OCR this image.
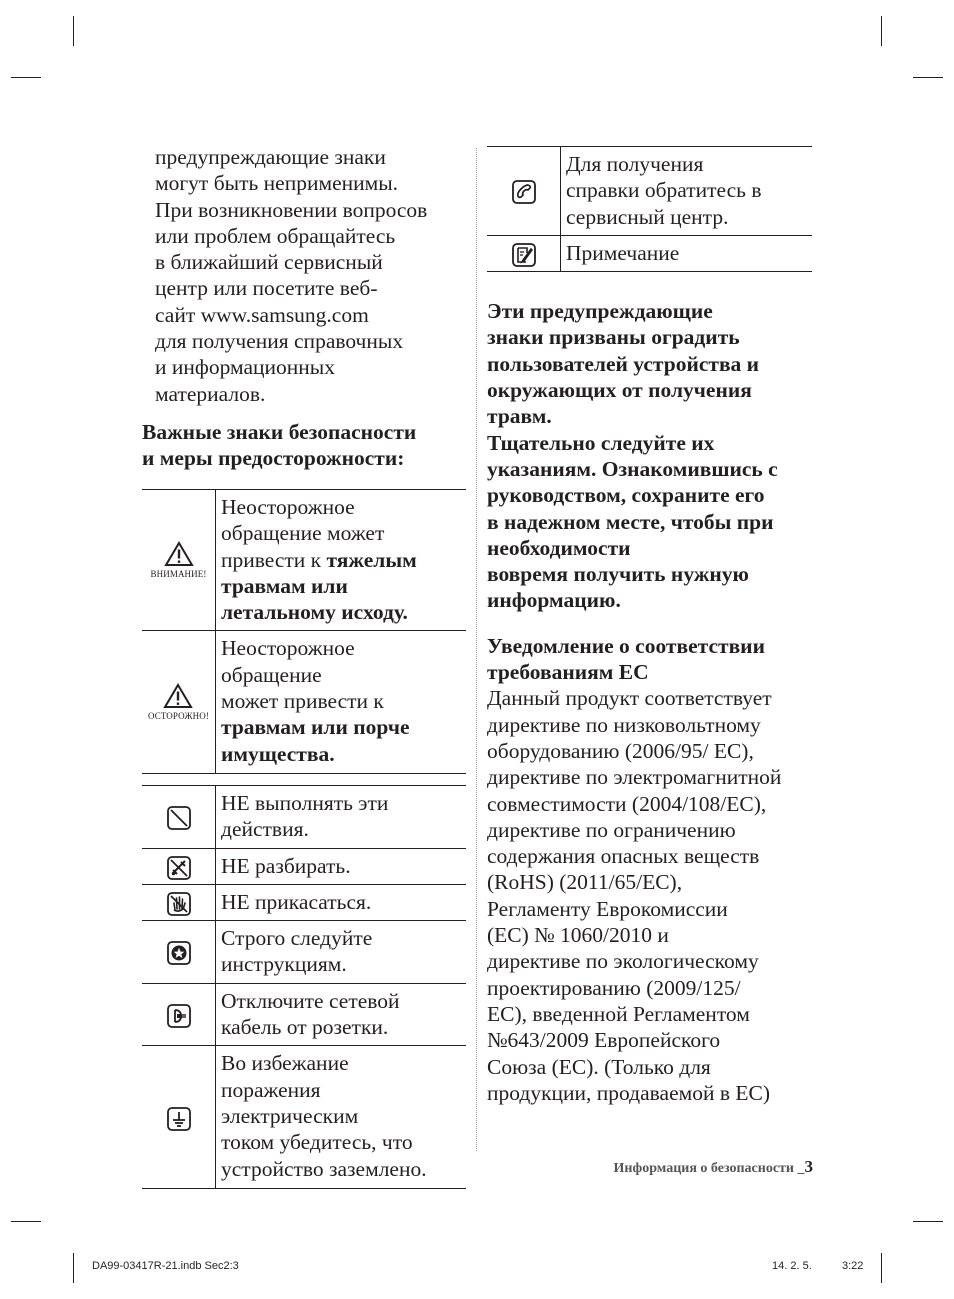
предупреждающие знаки
могут быть неприменимы.
При возникновении вопросов
или проблем обращайтесь
в ближайший сервисный
центр или посетите веб-
сайт www.samsung.com
для получения справочных
и информационных
материалов.

Важные знаки безопасности
и меры предосторожности:

ВНИМАНИЕ!	Неосторожное
обращение может
привести к тяжелым
травмам или
летальному исходу.

ОСТОРОЖНО!	Неосторожное
обращение
может привести к
травмам или порче
имущества.

	НЕ выполнять эти
действия.
	НЕ разбирать.
	НЕ прикасаться.
	Строго следуйте
инструкциям.
	Отключите сетевой
кабель от розетки.
	Во избежание
поражения
электрическим
током убедитесь, что
устройство заземлено.
	Для получения
справки обратитесь в
сервисный центр.
	Примечание

Эти предупреждающие
знаки призваны оградить
пользователей устройства и
окружающих от получения
травм.
Тщательно следуйте их
указаниям. Ознакомившись с
руководством, сохраните его
в надежном месте, чтобы при
необходимости
вовремя получить нужную
информацию.

Уведомление о соответствии
требованиям ЕС

Данный продукт соответствует
директиве по низковольтному
оборудованию (2006/95/ EC),
директиве по электромагнитной
совместимости (2004/108/EC),
директиве по ограничению
содержания опасных веществ
(RoHS) (2011/65/EC),
Регламенту Еврокомиссии
(EC) № 1060/2010 и
директиве по экологическому
проектированию (2009/125/
EC), введенной Регламентом
№643/2009 Европейского
Союза (EC). (Только для
продукции, продаваемой в EC)

Информация о безопасности _3
DA99-03417R-21.indb Sec2:3	14. 2. 5.	3:22
